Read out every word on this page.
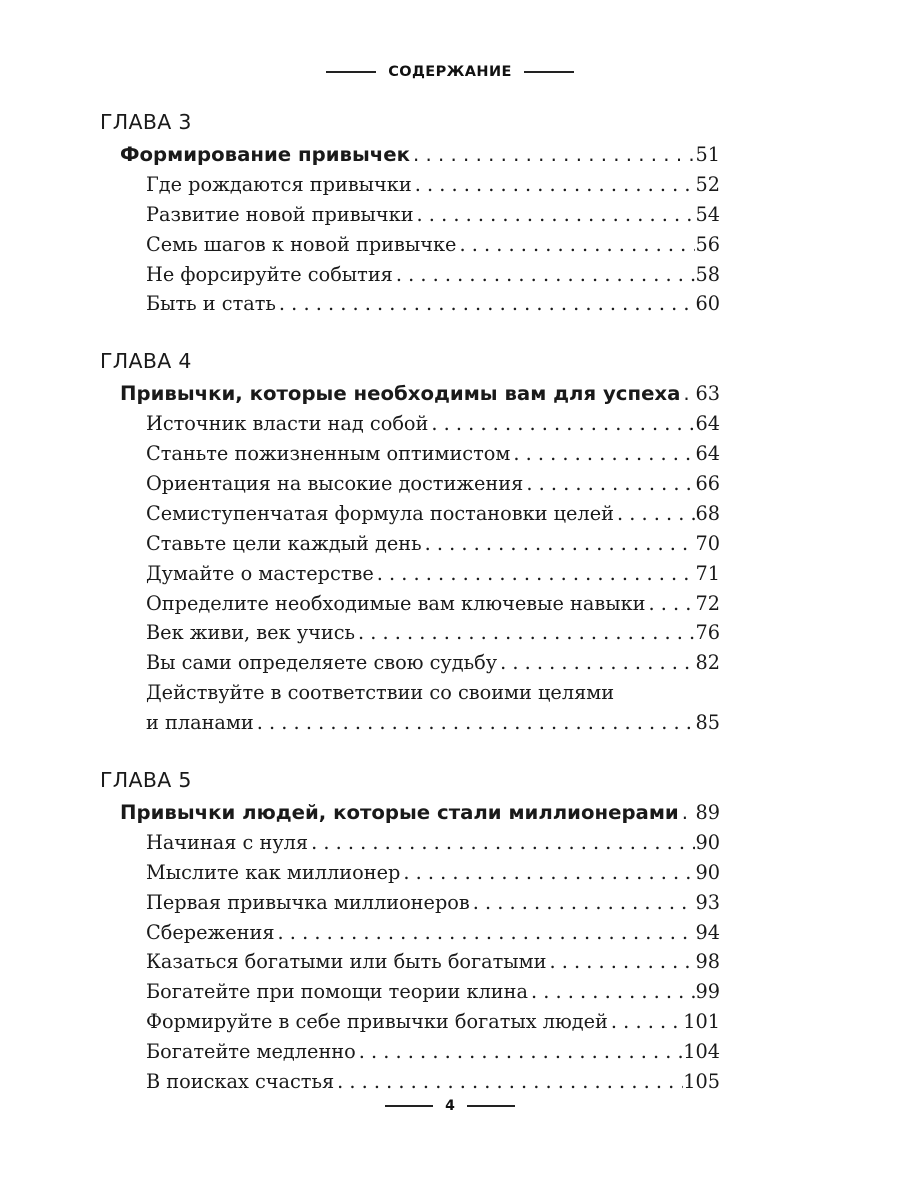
СОДЕРЖАНИЕ
ГЛАВА 3
Формирование привычек . . .	51
Где рождаются привычки . . .	52
Развитие новой привычки . . .	54
Семь шагов к новой привычке . . .	56
Не форсируйте события . . .	58
Быть и стать . . .	60
ГЛАВА 4
Привычки, которые необходимы вам для успеха . . . 63
Источник власти над собой . . .	64
Станьте пожизненным оптимистом . . .	64
Ориентация на высокие достижения . . .	66
Семиступенчатая формула постановки целей . . .	68
Ставьте цели каждый день . . .	70
Думайте о мастерстве . . .	71
Определите необходимые вам ключевые навыки . . .	72
Век живи, век учись . . .	76
Вы сами определяете свою судьбу . . .	82
Действуйте в соответствии со своими целями
и планами . . .	85
ГЛАВА 5
Привычки людей, которые стали миллионерами . . . 89
Начиная с нуля . . .	90
Мыслите как миллионер . . .	90
Первая привычка миллионеров . . .	93
Сбережения . . .	94
Казаться богатыми или быть богатыми . . .	98
Богатейте при помощи теории клина . . .	99
Формируйте в себе привычки богатых людей . . .	101
Богатейте медленно . . .	104
В поисках счастья . . .	105
4
